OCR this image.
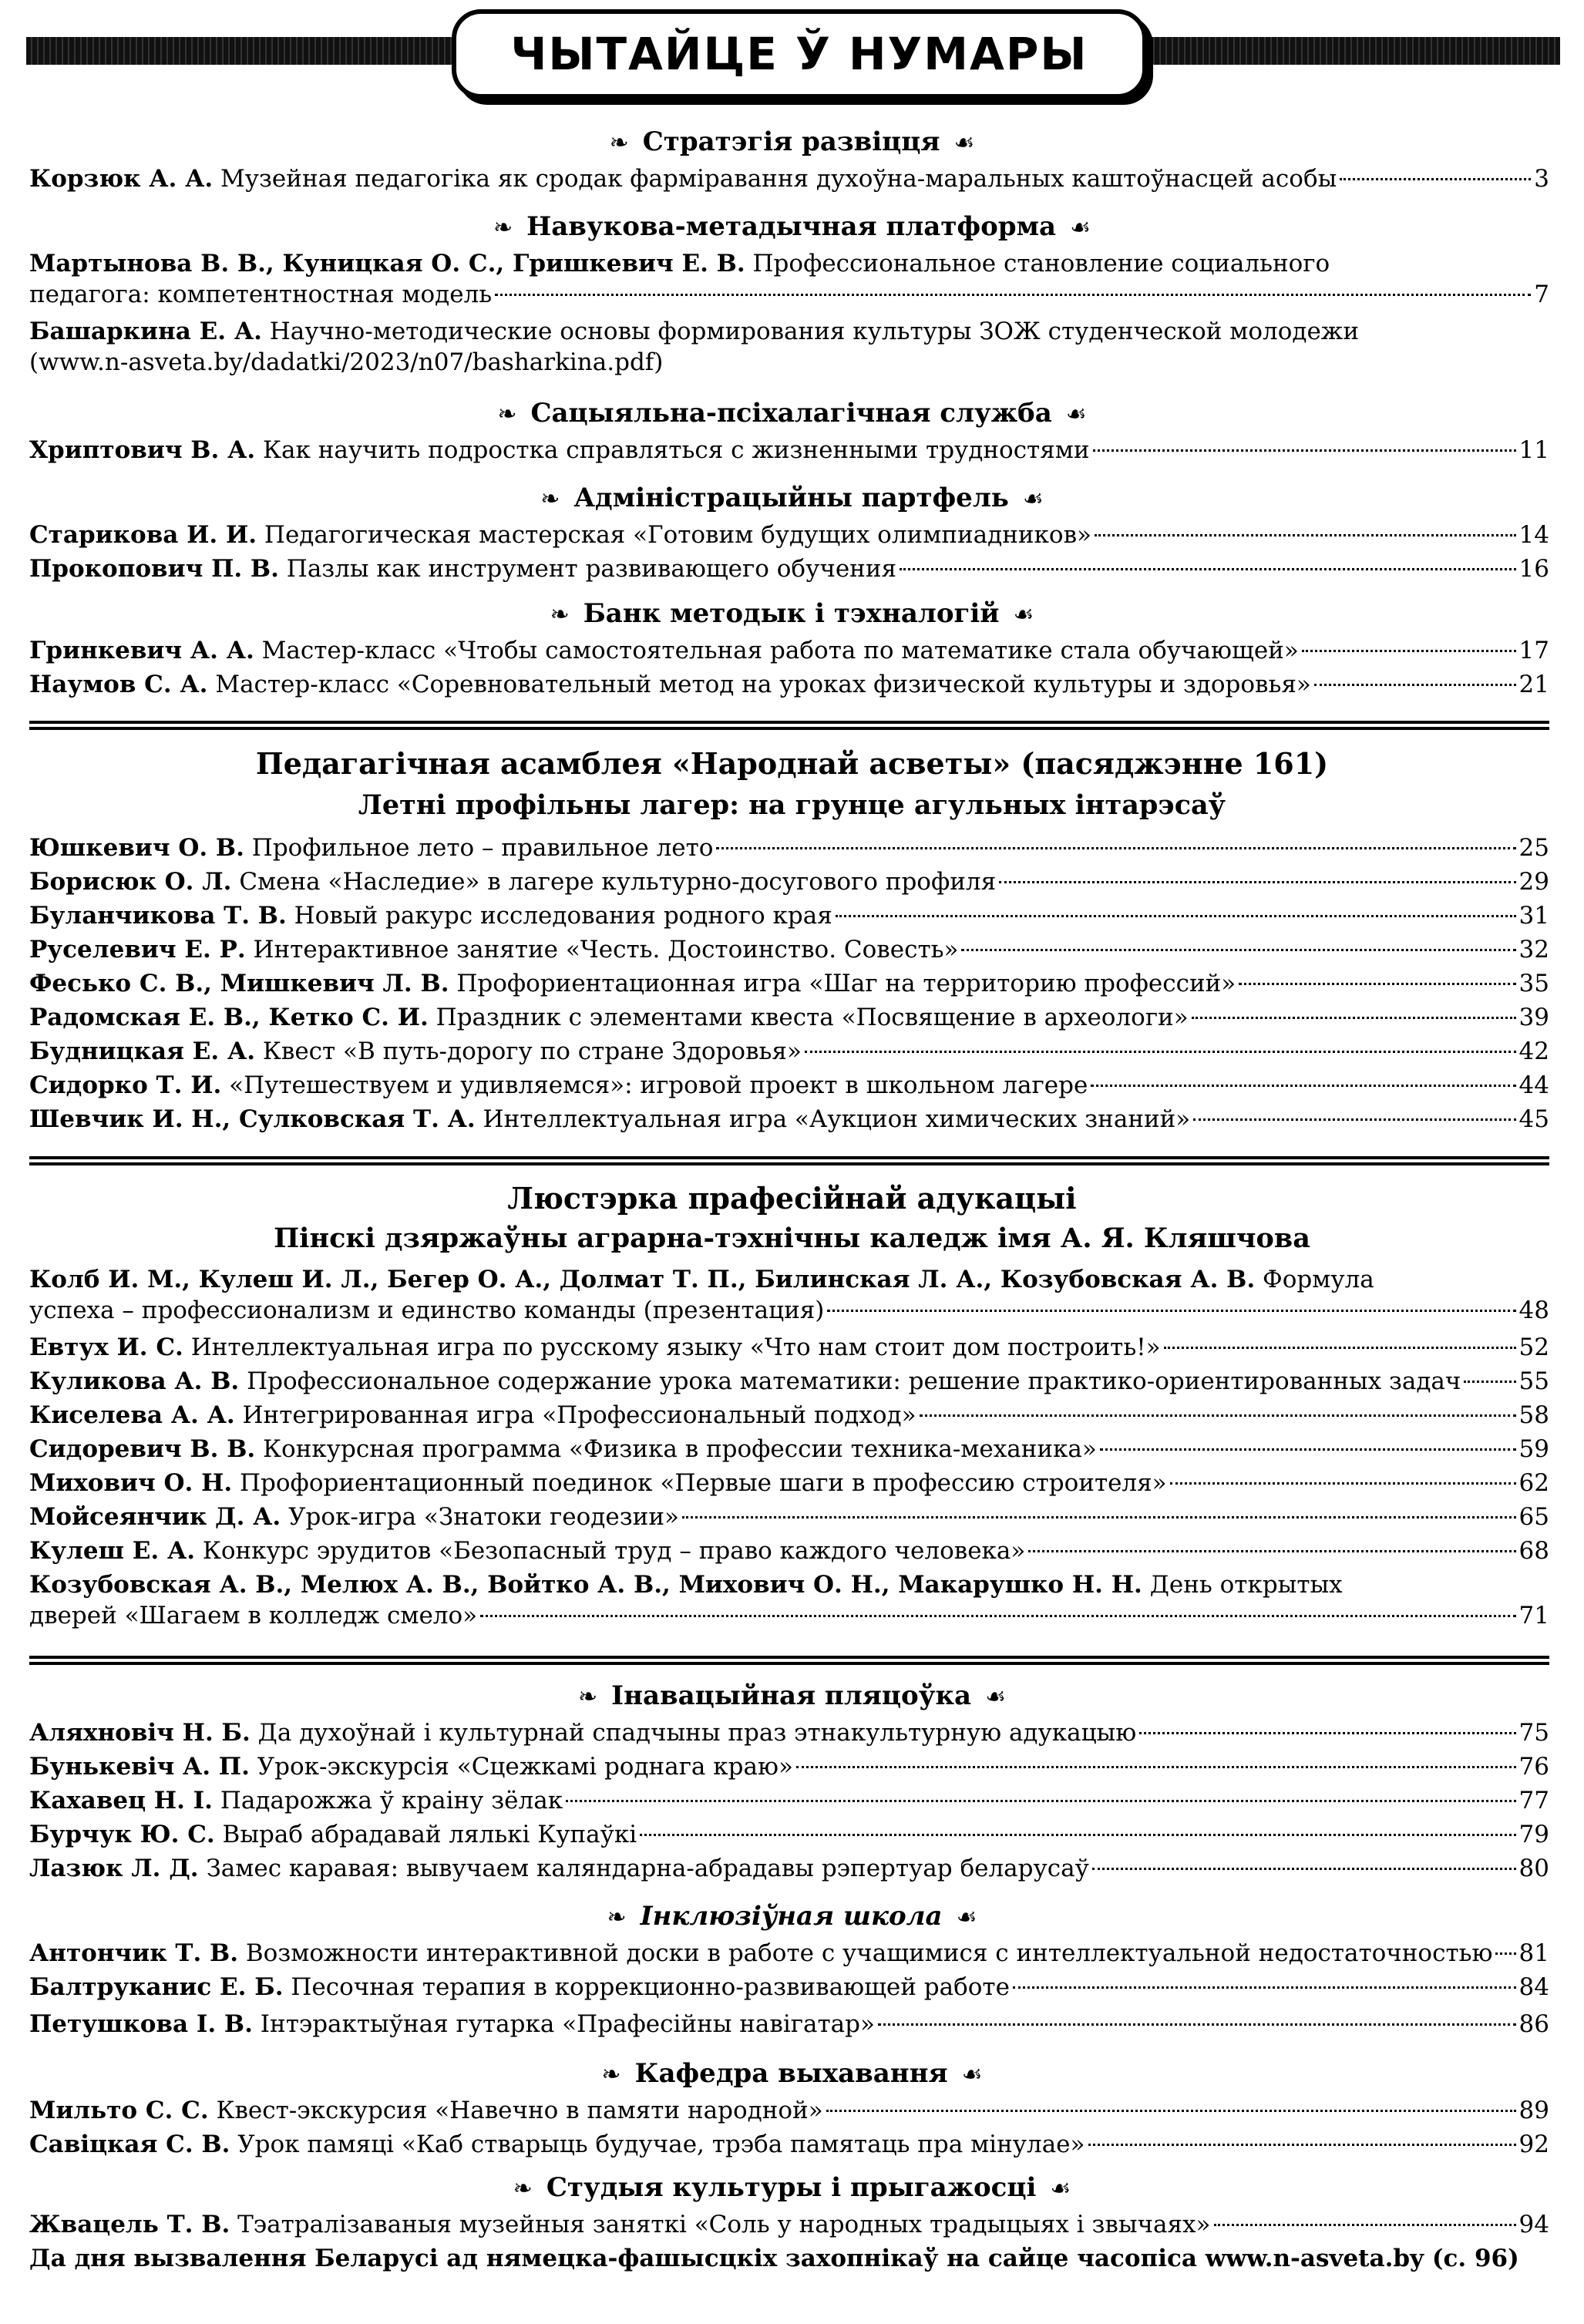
ЧЫТАЙЦЕ Ў НУМАРЫ
❧ Стратэгія развіцця ☙
Корзюк А. А. Музейная педагогіка як сродак фарміравання духоўна-маральных каштоўнасцей асобы	3
❧ Навукова-метадычная платформа ☙
Мартынова В. В., Куницкая О. С., Гришкевич Е. В. Профессиональное становление социального
педагога: компетентностная модель	7
Башаркина Е. А. Научно-методические основы формирования культуры ЗОЖ студенческой молодежи
(www.n-asveta.by/dadatki/2023/n07/basharkina.pdf)
❧ Сацыяльна-псіхалагічная служба ☙
Хриптович В. А. Как научить подростка справляться с жизненными трудностями	11
❧ Адміністрацыйны партфель ☙
Старикова И. И. Педагогическая мастерская «Готовим будущих олимпиадников»	14
Прокопович П. В. Пазлы как инструмент развивающего обучения	16
❧ Банк методык і тэхналогій ☙
Гринкевич А. А. Мастер-класс «Чтобы самостоятельная работа по математике стала обучающей»	17
Наумов С. А. Мастер-класс «Соревновательный метод на уроках физической культуры и здоровья»	21
Педагагічная асамблея «Народнай асветы» (пасяджэнне 161)
Летні профільны лагер: на грунце агульных інтарэсаў
Юшкевич О. В. Профильное лето – правильное лето	25
Борисюк О. Л. Смена «Наследие» в лагере культурно-досугового профиля	29
Буланчикова Т. В. Новый ракурс исследования родного края	31
Руселевич Е. Р. Интерактивное занятие «Честь. Достоинство. Совесть»	32
Фесько С. В., Мишкевич Л. В. Профориентационная игра «Шаг на территорию профессий»	35
Радомская Е. В., Кетко С. И. Праздник с элементами квеста «Посвящение в археологи»	39
Будницкая Е. А. Квест «В путь-дорогу по стране Здоровья»	42
Сидорко Т. И. «Путешествуем и удивляемся»: игровой проект в школьном лагере	44
Шевчик И. Н., Сулковская Т. А. Интеллектуальная игра «Аукцион химических знаний»	45
Люстэрка прафесійнай адукацыі
Пінскі дзяржаўны аграрна-тэхнічны каледж імя А. Я. Кляшчова
Колб И. М., Кулеш И. Л., Бегер О. А., Долмат Т. П., Билинская Л. А., Козубовская А. В. Формула
успеха – профессионализм и единство команды (презентация)	48
Евтух И. С. Интеллектуальная игра по русскому языку «Что нам стоит дом построить!»	52
Куликова А. В. Профессиональное содержание урока математики: решение практико-ориентированных задач 55
Киселева А. А. Интегрированная игра «Профессиональный подход»	58
Сидоревич В. В. Конкурсная программа «Физика в профессии техника-механика»	59
Михович О. Н. Профориентационный поединок «Первые шаги в профессию строителя»	62
Мойсеянчик Д. А. Урок-игра «Знатоки геодезии»	65
Кулеш Е. А. Конкурс эрудитов «Безопасный труд – право каждого человека»	68
Козубовская А. В., Мелюх А. В., Войтко А. В., Михович О. Н., Макарушко Н. Н. День открытых
дверей «Шагаем в колледж смело»	71
❧ Інавацыйная пляцоўка ☙
Аляхновіч Н. Б. Да духоўнай і культурнай спадчыны праз этнакультурную адукацыю	75
Бунькевіч А. П. Урок-экскурсія «Сцежкамі роднага краю»	76
Кахавец Н. І. Падарожжа ў краіну зёлак	77
Бурчук Ю. С. Выраб абрадавай лялькі Купаўкі	79
Лазюк Л. Д. Замес каравая: вывучаем каляндарна-абрадавы рэпертуар беларусаў	80
❧ Інклюзіўная школа ☙
Антончик Т. В. Возможности интерактивной доски в работе с учащимися с интеллектуальной недостаточностью 81
Балтруканис Е. Б. Песочная терапия в коррекционно-развивающей работе	84
Петушкова І. В. Інтэрактыўная гутарка «Прафесійны навігатар»	86
❧ Кафедра выхавання ☙
Мильто С. С. Квест-экскурсия «Навечно в памяти народной»	89
Савіцкая С. В. Урок памяці «Каб стварыць будучае, трэба памятаць пра мінулае»	92
❧ Студыя культуры і прыгажосці ☙
Жвацель Т. В. Тэатралізаваныя музейныя заняткі «Соль у народных традыцыях і звычаях»	94
Да дня вызвалення Беларусі ад нямецка-фашысцкіх захопнікаў на сайце часопіса www.n-asveta.by (с. 96)
